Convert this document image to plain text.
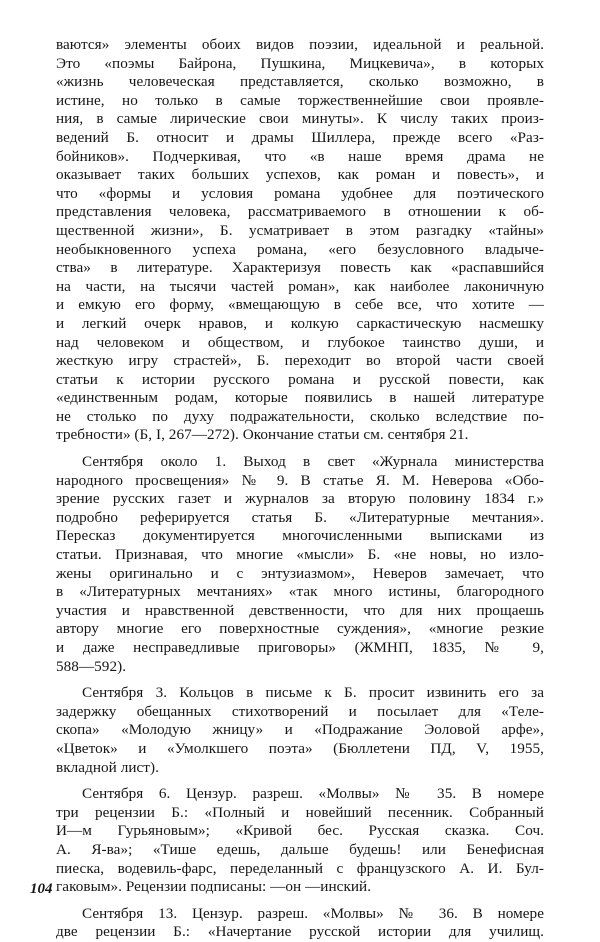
ваются» элементы обоих видов поэзии, идеальной и реальной.
Это «поэмы Байрона, Пушкина, Мицкевича», в которых
«жизнь человеческая представляется, сколько возможно, в
истине, но только в самые торжественнейшие свои проявле-
ния, в самые лирические свои минуты». К числу таких произ-
ведений Б. относит и драмы Шиллера, прежде всего «Раз-
бойников». Подчеркивая, что «в наше время драма не
оказывает таких больших успехов, как роман и повесть», и
что «формы и условия романа удобнее для поэтического
представления человека, рассматриваемого в отношении к об-
щественной жизни», Б. усматривает в этом разгадку «тайны»
необыкновенного успеха романа, «его безусловного владыче-
ства» в литературе. Характеризуя повесть как «распавшийся
на части, на тысячи частей роман», как наиболее лаконичную
и емкую его форму, «вмещающую в себе все, что хотите —
и легкий очерк нравов, и колкую саркастическую насмешку
над человеком и обществом, и глубокое таинство души, и
жесткую игру страстей», Б. переходит во второй части своей
статьи к истории русского романа и русской повести, как
«единственным родам, которые появились в нашей литературе
не столько по духу подражательности, сколько вследствие по-
требности» (Б, I, 267—272). Окончание статьи см. сентября 21.
Сентября около 1. Выход в свет «Журнала министерства
народного просвещения» № 9. В статье Я. М. Неверова «Обо-
зрение русских газет и журналов за вторую половину 1834 г.»
подробно реферируется статья Б. «Литературные мечтания».
Пересказ документируется многочисленными выписками из
статьи. Признавая, что многие «мысли» Б. «не новы, но изло-
жены оригинально и с энтузиазмом», Неверов замечает, что
в «Литературных мечтаниях» «так много истины, благородного
участия и нравственной девственности, что для них прощаешь
автору многие его поверхностные суждения», «многие резкие
и даже несправедливые приговоры» (ЖМНП, 1835, № 9,
588—592).
Сентября 3. Кольцов в письме к Б. просит извинить его за
задержку обещанных стихотворений и посылает для «Теле-
скопа» «Молодую жницу» и «Подражание Эоловой арфе»,
«Цветок» и «Умолкшего поэта» (Бюллетени ПД, V, 1955,
вкладной лист).
Сентября 6. Цензур. разреш. «Молвы» № 35. В номере
три рецензии Б.: «Полный и новейший песенник. Собранный
И—м Гурьяновым»; «Кривой бес. Русская сказка. Соч.
А. Я-ва»; «Тише едешь, дальше будешь! или Бенефисная
пиеска, водевиль-фарс, переделанный с французского А. И. Бул-
гаковым». Рецензии подписаны: —он —инский.
Сентября 13. Цензур. разреш. «Молвы» № 36. В номере
две рецензии Б.: «Начертание русской истории для училищ.
104
